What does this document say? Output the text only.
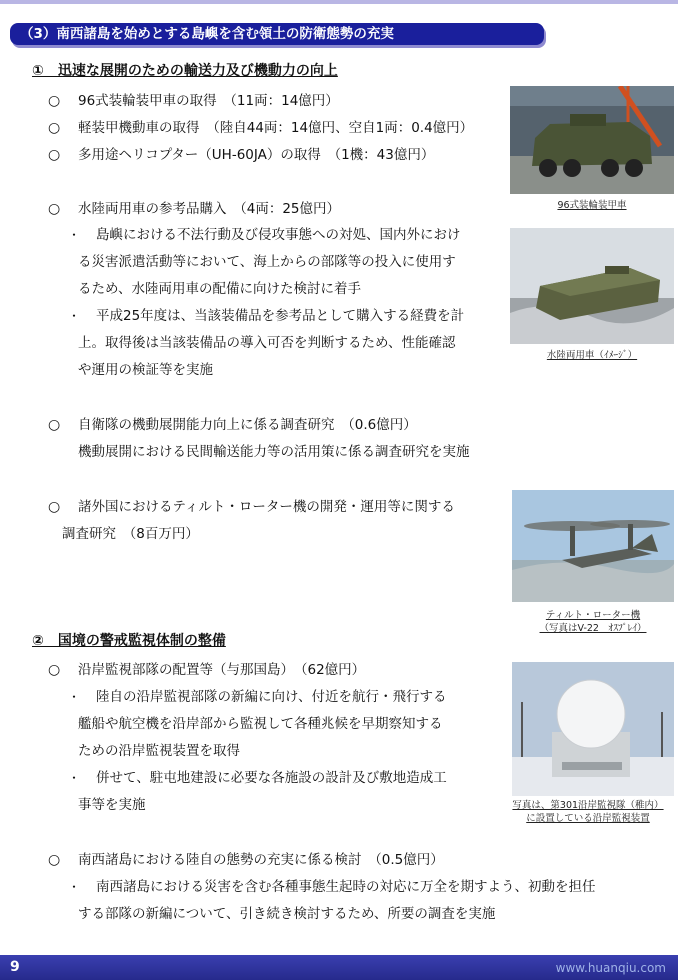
（3）南西諸島を始めとする島嶼を含む領土の防衛態勢の充実
①　迅速な展開のための輸送力及び機動力の向上
○ 96式装輪装甲車の取得　（11両：14億円）
○ 軽装甲機動車の取得　（陸自44両：14億円、空自1両：0.4億円）
○ 多用途ヘリコプター（UH-60JA）の取得　（1機：43億円）
○ 水陸両用車の参考品購入　（4両：25億円）
・ 島嶼における不法行動及び侵攻事態への対処、国内外におけ
る災害派遣活動等において、海上からの部隊等の投入に使用す
るため、水陸両用車の配備に向けた検討に着手
・ 平成25年度は、当該装備品を参考品として購入する経費を計
上。取得後は当該装備品の導入可否を判断するため、性能確認
や運用の検証等を実施
○ 自衛隊の機動展開能力向上に係る調査研究　（0.6億円）
機動展開における民間輸送能力等の活用策に係る調査研究を実施
○ 諸外国におけるティルト・ローター機の開発・運用等に関する
調査研究　（8百万円）
②　国境の警戒監視体制の整備
○ 沿岸監視部隊の配置等（与那国島）　（62億円）
・ 陸自の沿岸監視部隊の新編に向け、付近を航行・飛行する
艦船や航空機を沿岸部から監視して各種兆候を早期察知する
ための沿岸監視装置を取得
・ 併せて、駐屯地建設に必要な各施設の設計及び敷地造成工
事等を実施
○ 南西諸島における陸自の態勢の充実に係る検討　（0.5億円）
・ 南西諸島における災害を含む各種事態生起時の対応に万全を期すよう、初動を担任
する部隊の新編について、引き続き検討するため、所要の調査を実施
96式装輪装甲車
水陸両用車（ｲﾒｰｼﾞ）
ティルト・ローター機
（写真はV-22　ｵｽﾌﾟﾚｲ）
写真は、第301沿岸監視隊（稚内）
に設置している沿岸監視装置
9	www.huanqiu.com
